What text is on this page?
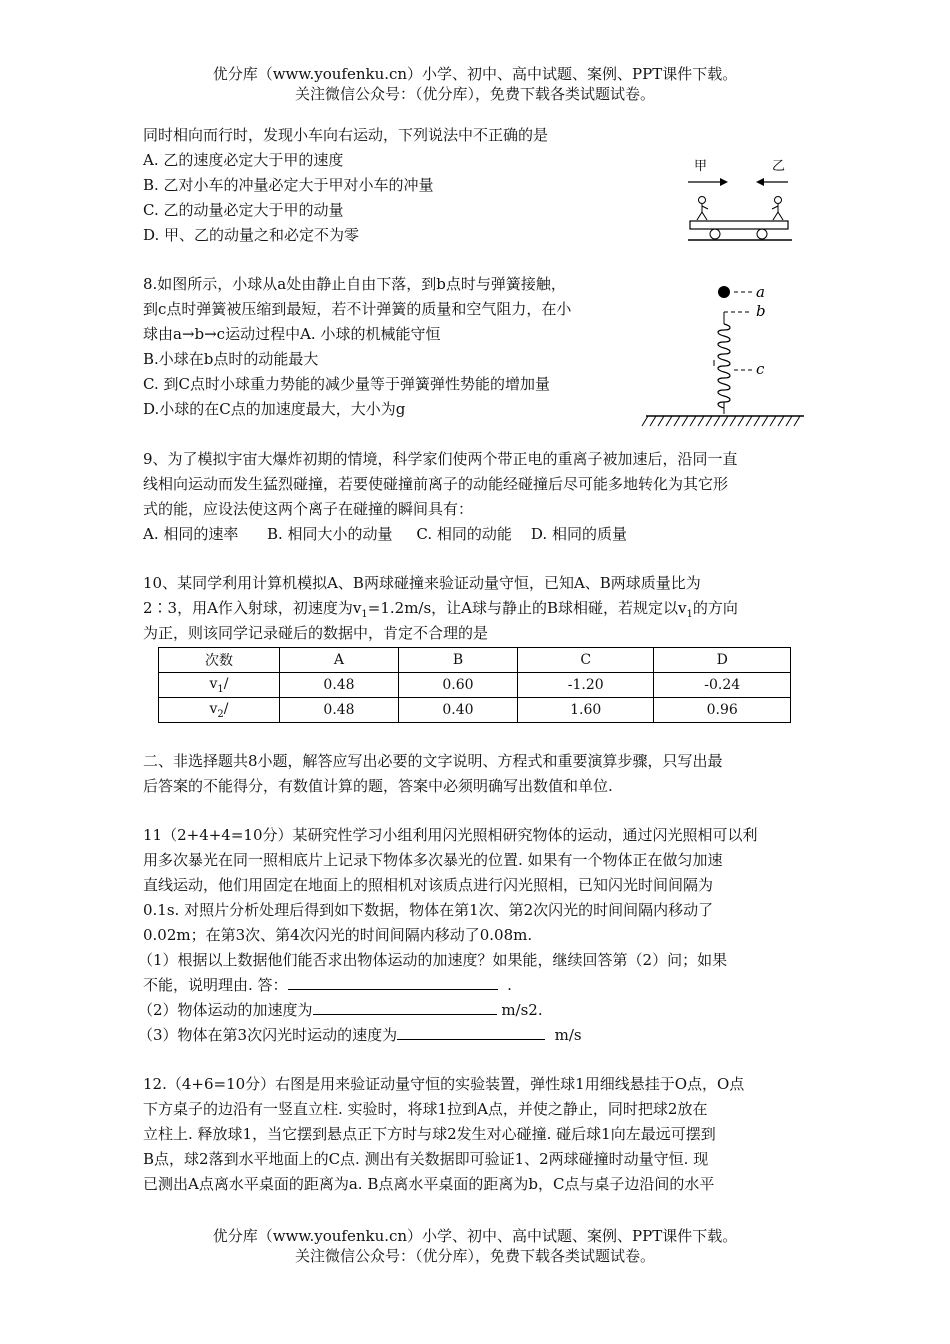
优分库（www.youfenku.cn）小学、初中、高中试题、案例、PPT课件下载。
关注微信公众号：（优分库），免费下载各类试题试卷。
同时相向而行时，发现小车向右运动，下列说法中不正确的是
A. 乙的速度必定大于甲的速度
B. 乙对小车的冲量必定大于甲对小车的冲量
C. 乙的动量必定大于甲的动量
D. 甲、乙的动量之和必定不为零
甲	乙
8.如图所示，小球从a处由静止自由下落，到b点时与弹簧接触，
到c点时弹簧被压缩到最短，若不计弹簧的质量和空气阻力，在小
球由a→b→c运动过程中A. 小球的机械能守恒
B.小球在b点时的动能最大
C. 到C点时小球重力势能的减少量等于弹簧弹性势能的增加量
D.小球的在C点的加速度最大，大小为g
a
b
c
9、为了模拟宇宙大爆炸初期的情境，科学家们使两个带正电的重离子被加速后，沿同一直
线相向运动而发生猛烈碰撞，若要使碰撞前离子的动能经碰撞后尽可能多地转化为其它形
式的能，应设法使这两个离子在碰撞的瞬间具有：
A. 相同的速率      B. 相同大小的动量     C. 相同的动能    D. 相同的质量
10、某同学利用计算机模拟A、B两球碰撞来验证动量守恒，已知A、B两球质量比为
2∶3，用A作入射球，初速度为$v_1=1.2m/s$，让A球与静止的B球相碰，若规定以$v_1$的方向
为正，则该同学记录碰后的数据中，肯定不合理的是
次数	A	B	C	D
$v_1/$	0.48	0.60	-1.20	-0.24
$v_2/$	0.48	0.40	1.60	0.96
二、非选择题共8小题，解答应写出必要的文字说明、方程式和重要演算步骤，只写出最
后答案的不能得分，有数值计算的题，答案中必须明确写出数值和单位.
11（2+4+4=10分）某研究性学习小组利用闪光照相研究物体的运动，通过闪光照相可以利
用多次暴光在同一照相底片上记录下物体多次暴光的位置. 如果有一个物体正在做匀加速
直线运动，他们用固定在地面上的照相机对该质点进行闪光照相，已知闪光时间间隔为
0.1s. 对照片分析处理后得到如下数据，物体在第1次、第2次闪光的时间间隔内移动了
0.02m；在第3次、第4次闪光的时间间隔内移动了0.08m.
（1）根据以上数据他们能否求出物体运动的加速度？如果能，继续回答第（2）问；如果
不能，说明理由. 答：	.
（2）物体运动的加速度为	m/s2.
（3）物体在第3次闪光时运动的速度为	m/s
12.（4+6=10分）右图是用来验证动量守恒的实验装置，弹性球1用细线悬挂于O点，O点
下方桌子的边沿有一竖直立柱. 实验时，将球1拉到A点，并使之静止，同时把球2放在
立柱上. 释放球1，当它摆到悬点正下方时与球2发生对心碰撞. 碰后球1向左最远可摆到
B点，球2落到水平地面上的C点. 测出有关数据即可验证1、2两球碰撞时动量守恒. 现
已测出A点离水平桌面的距离为a. B点离水平桌面的距离为b，C点与桌子边沿间的水平
优分库（www.youfenku.cn）小学、初中、高中试题、案例、PPT课件下载。
关注微信公众号：（优分库），免费下载各类试题试卷。
